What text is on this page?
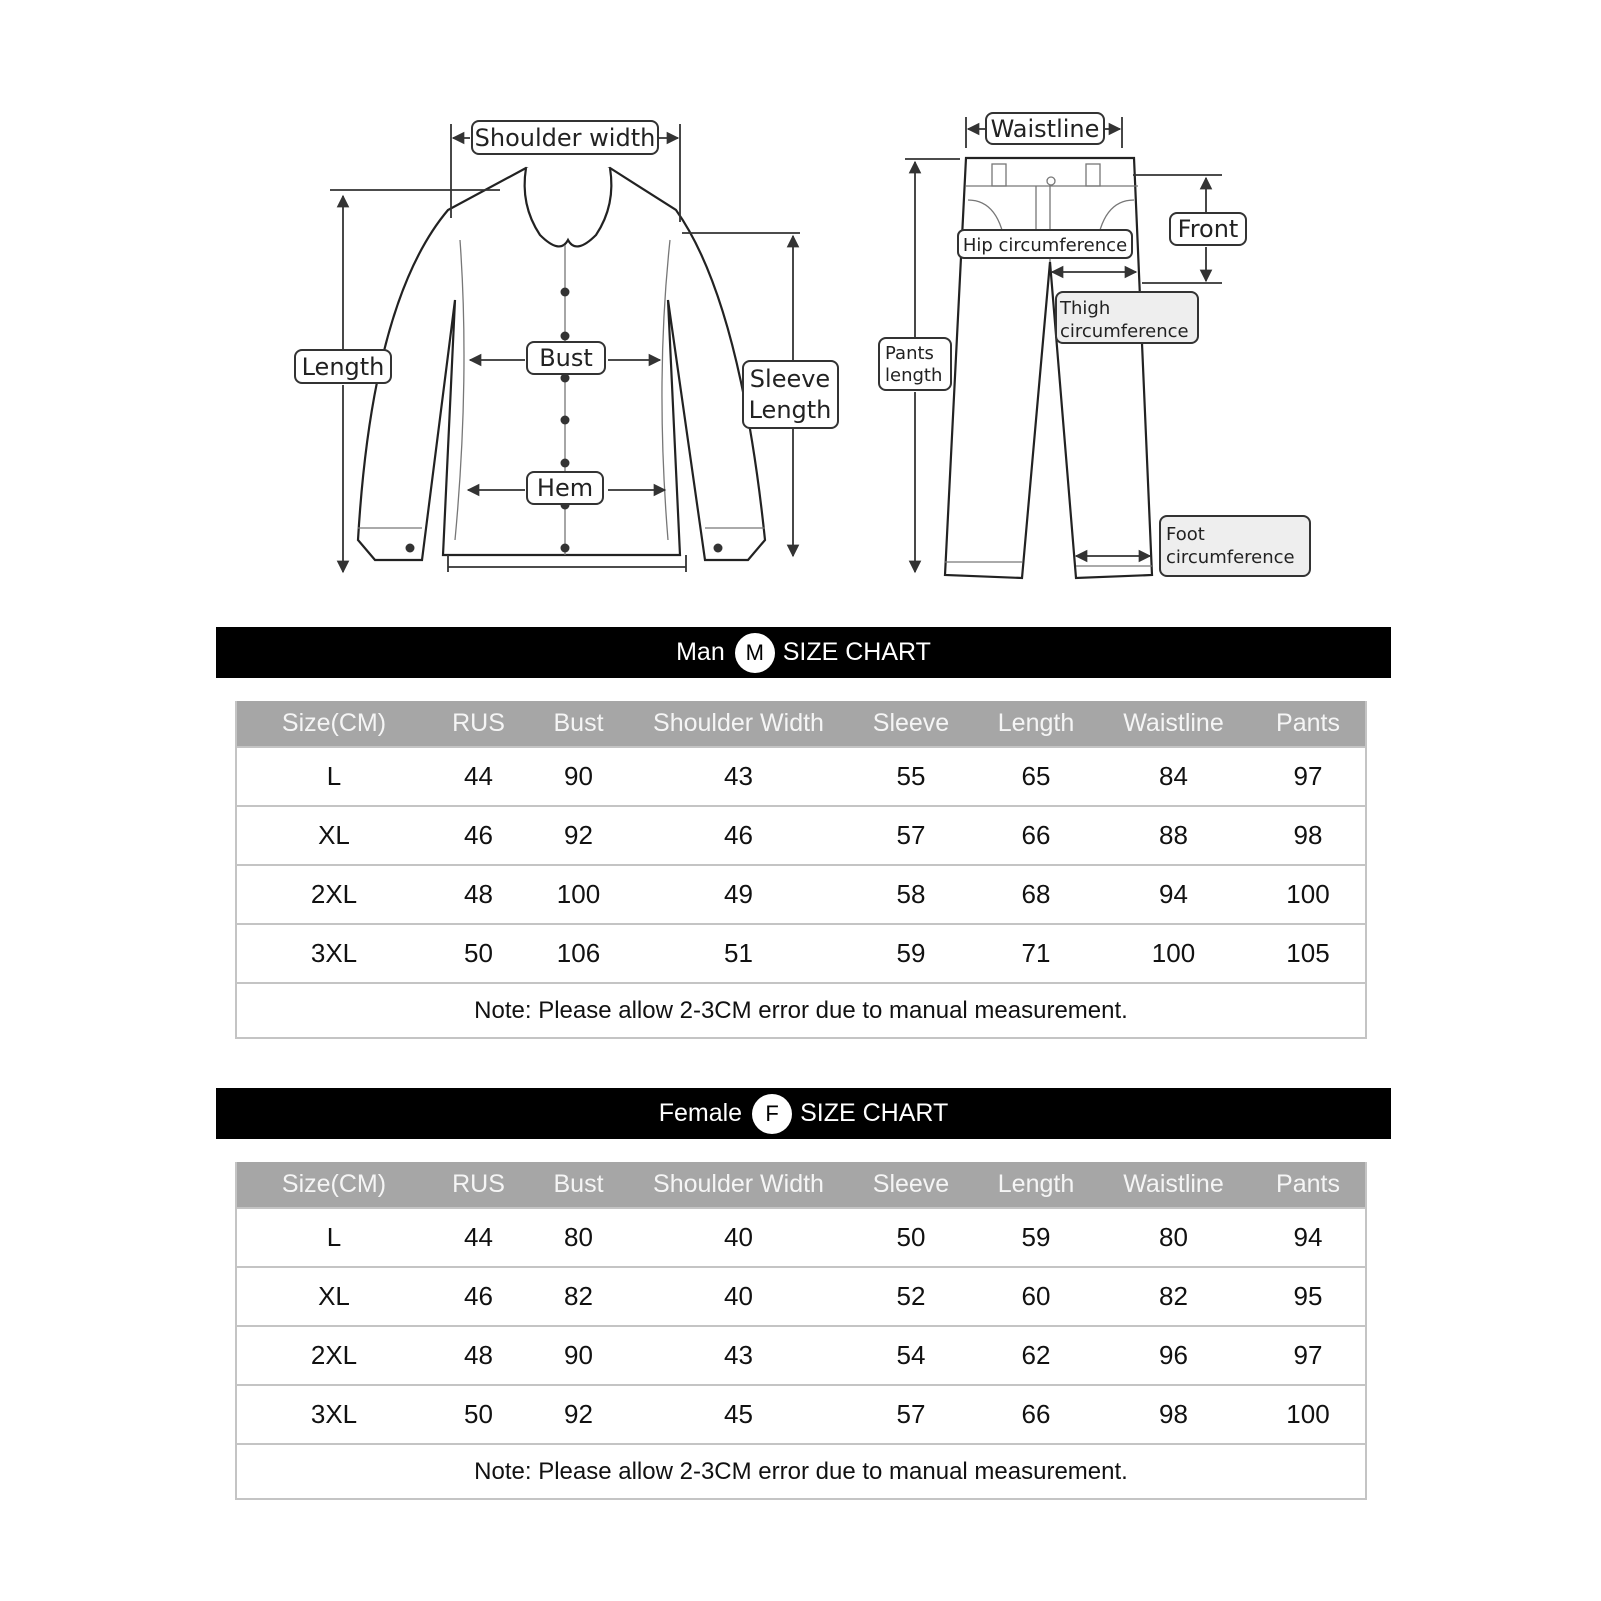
Shoulder width
Length	Bust
Sleeve
Length
Hem
Waistline
Front
Hip circumference
Thigh
circumference
Pants
length
Foot
circumference
Man M SIZE CHART
Size(CM)	RUS	Bust	Shoulder Width	Sleeve	Length	Waistline	Pants
L	44	90	43	55	65	84	97
XL	46	92	46	57	66	88	98
2XL	48	100	49	58	68	94	100
3XL	50	106	51	59	71	100	105
Note: Please allow 2-3CM error due to manual measurement.							
Female	F SIZE CHART
Size(CM)	RUS	Bust	Shoulder Width	Sleeve	Length	Waistline	Pants
L	44	80	40	50	59	80	94
XL	46	82	40	52	60	82	95
2XL	48	90	43	54	62	96	97
3XL	50	92	45	57	66	98	100
Note: Please allow 2-3CM error due to manual measurement.							
